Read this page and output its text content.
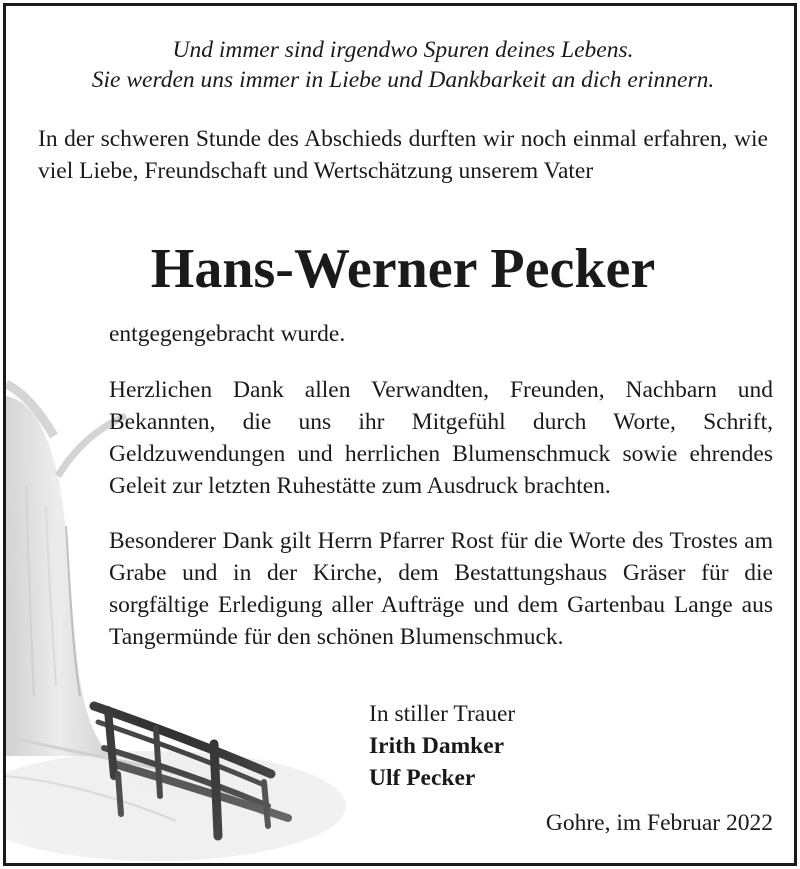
Und immer sind irgendwo Spuren deines Lebens.
Sie werden uns immer in Liebe und Dankbarkeit an dich erinnern.
In der schweren Stunde des Abschieds durften wir noch einmal erfahren, wie viel Liebe, Freundschaft und Wertschätzung unserem Vater
Hans-Werner Pecker
entgegengebracht wurde.
Herzlichen Dank allen Verwandten, Freunden, Nachbarn und Bekannten, die uns ihr Mitgefühl durch Worte, Schrift, Geldzuwendungen und herrlichen Blumenschmuck sowie ehrendes Geleit zur letzten Ruhestätte zum Ausdruck brachten.
Besonderer Dank gilt Herrn Pfarrer Rost für die Worte des Trostes am Grabe und in der Kirche, dem Bestattungshaus Gräser für die sorgfältige Erledigung aller Aufträge und dem Gartenbau Lange aus Tangermünde für den schönen Blumenschmuck.
In stiller Trauer
Irith Damker
Ulf Pecker
Gohre, im Februar 2022
